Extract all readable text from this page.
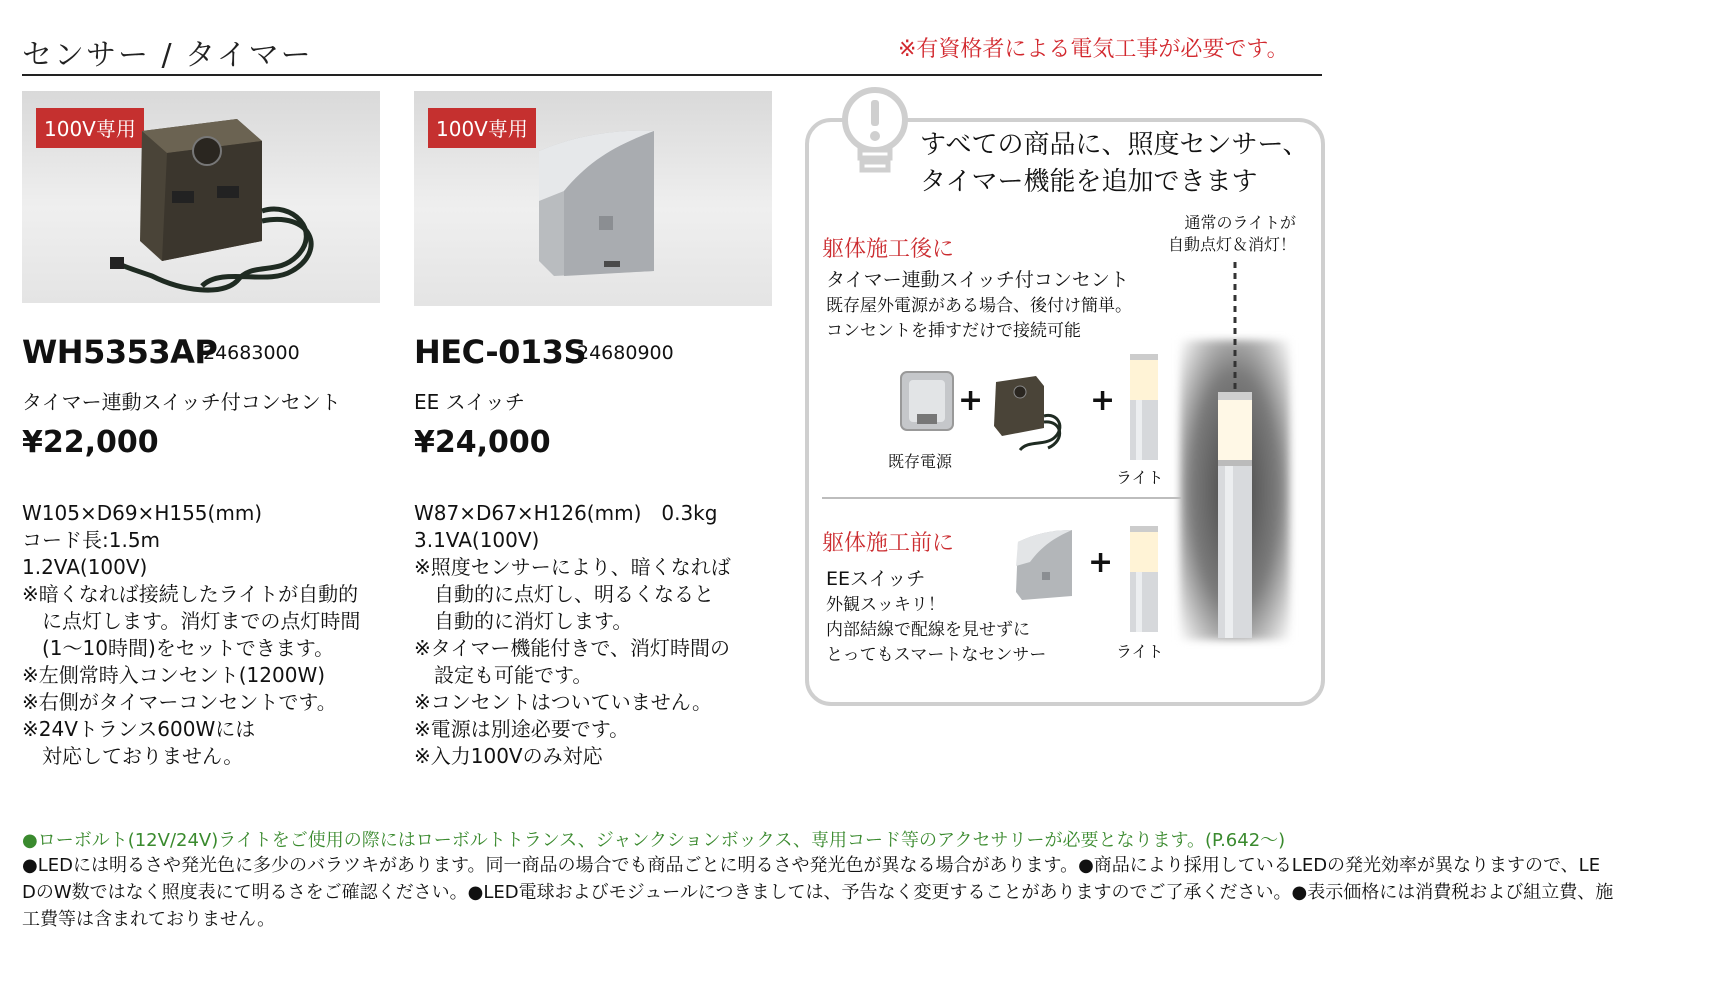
センサー / タイマー	※有資格者による電気工事が必要です。
100V専用
WH5353AP
24683000
タイマー連動スイッチ付コンセント
¥22,000
W105×D69×H155(mm)
コード長:1.5m
1.2VA(100V)
※暗くなれば接続したライトが自動的
に点灯します。消灯までの点灯時間
(1〜10時間)をセットできます。
※左側常時入コンセント(1200W)
※右側がタイマーコンセントです。
※24Vトランス600Wには
対応しておりません。
100V専用
HEC-013S
24680900
EE スイッチ
¥24,000
W87×D67×H126(mm)　0.3kg
3.1VA(100V)
※照度センサーにより、暗くなれば
自動的に点灯し、明るくなると
自動的に消灯します。
※タイマー機能付きで、消灯時間の
設定も可能です。
※コンセントはついていません。
※電源は別途必要です。
※入力100Vのみ対応
すべての商品に、照度センサー、
タイマー機能を追加できます
通常のライトが
自動点灯＆消灯！
躯体施工後に
タイマー連動スイッチ付コンセント
既存屋外電源がある場合、後付け簡単。
コンセントを挿すだけで接続可能
+	+
既存電源
ライト
躯体施工前に
EEスイッチ
外観スッキリ！
内部結線で配線を見せずに
とってもスマートなセンサー
+
ライト
●ローボルト(12V/24V)ライトをご使用の際にはローボルトトランス、ジャンクションボックス、専用コード等のアクセサリーが必要となります。(P.642〜)
●LEDには明るさや発光色に多少のバラツキがあります。同一商品の場合でも商品ごとに明るさや発光色が異なる場合があります。●商品により採用しているLEDの発光効率が異なりますので、LE
DのW数ではなく照度表にて明るさをご確認ください。●LED電球およびモジュールにつきましては、予告なく変更することがありますのでご了承ください。●表示価格には消費税および組立費、施
工費等は含まれておりません。
